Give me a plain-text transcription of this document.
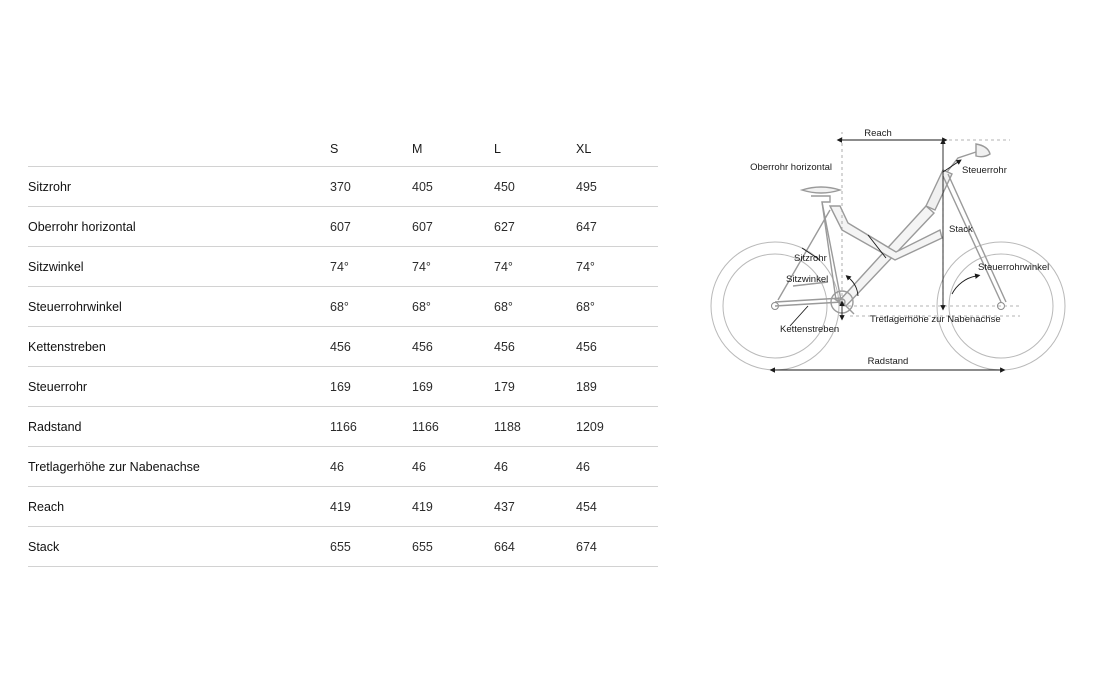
	S	M	L	XL
Sitzrohr	370	405	450	495
Oberrohr horizontal	607	607	627	647
Sitzwinkel	74°	74°	74°	74°
Steuerrohrwinkel	68°	68°	68°	68°
Kettenstreben	456	456	456	456
Steuerrohr	169	169	179	189
Radstand	1166	1166	1188	1209
Tretlagerhöhe zur Nabenachse	46	46	46	46
Reach	419	419	437	454
Stack	655	655	664	674
Reach
Oberrohr horizontal	Steuerrohr
Stack
Sitzrohr
Sitzwinkel
Steuerrohrwinkel
Kettenstreben
Tretlagerhöhe zur Nabenachse
Radstand
